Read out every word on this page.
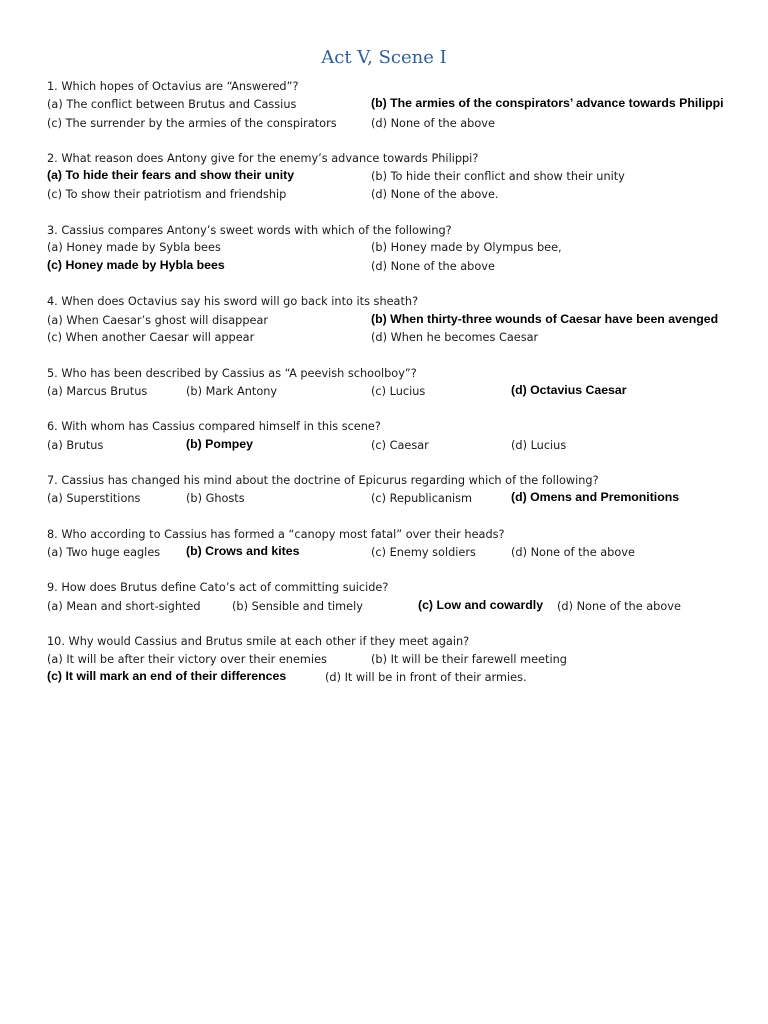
Act V, Scene I
1. Which hopes of Octavius are “Answered”?
(a) The conflict between Brutus and Cassius	(b) The armies of the conspirators’ advance towards Philippi
(c) The surrender by the armies of the conspirators	(d) None of the above
2. What reason does Antony give for the enemy’s advance towards Philippi?
(a) To hide their fears and show their unity	(b) To hide their conflict and show their unity
(c) To show their patriotism and friendship	(d) None of the above.
3. Cassius compares Antony’s sweet words with which of the following?
(a) Honey made by Sybla bees	(b) Honey made by Olympus bee,
(c) Honey made by Hybla bees	(d) None of the above
4. When does Octavius say his sword will go back into its sheath?
(a) When Caesar’s ghost will disappear	(b) When thirty-three wounds of Caesar have been avenged
(c) When another Caesar will appear	(d) When he becomes Caesar
5. Who has been described by Cassius as “A peevish schoolboy”?
(a) Marcus Brutus	(b) Mark Antony	(c) Lucius	(d) Octavius Caesar
6. With whom has Cassius compared himself in this scene?
(a) Brutus	(b) Pompey	(c) Caesar	(d) Lucius
7. Cassius has changed his mind about the doctrine of Epicurus regarding which of the following?
(a) Superstitions	(b) Ghosts	(c) Republicanism	(d) Omens and Premonitions
8. Who according to Cassius has formed a “canopy most fatal” over their heads?
(a) Two huge eagles (b) Crows and kites	(c) Enemy soldiers	(d) None of the above
9. How does Brutus define Cato’s act of committing suicide?
(a) Mean and short-sighted	(b) Sensible and timely	(c) Low and cowardly (d) None of the above
10. Why would Cassius and Brutus smile at each other if they meet again?
(a) It will be after their victory over their enemies	(b) It will be their farewell meeting
(c) It will mark an end of their differences	(d) It will be in front of their armies.
